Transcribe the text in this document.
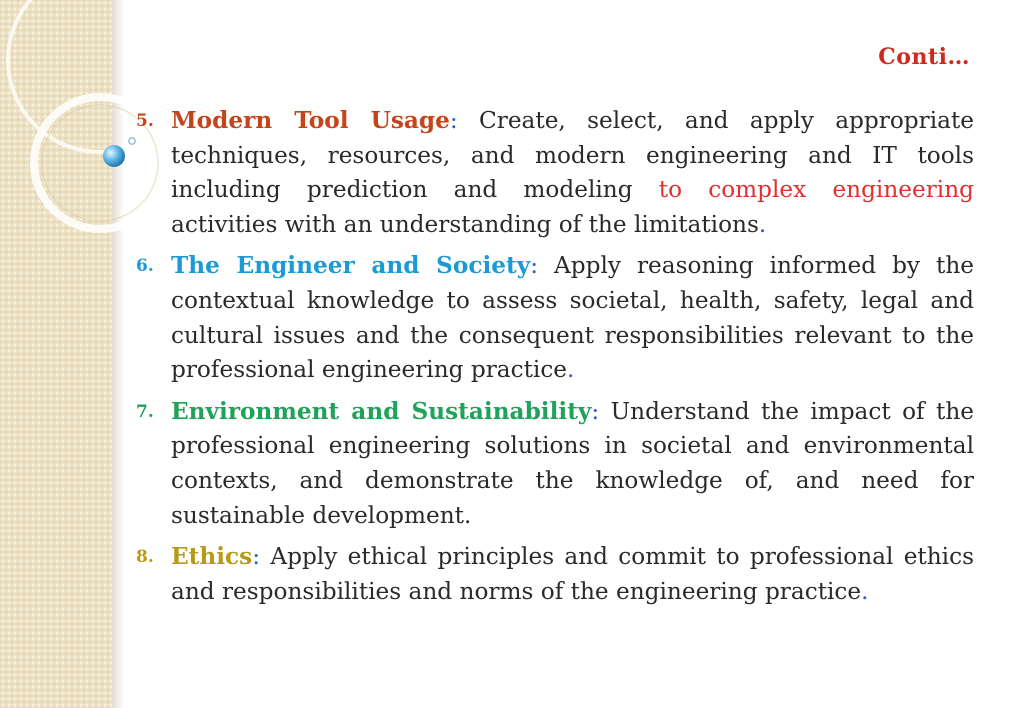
Conti…
5. Modern Tool Usage: Create, select, and apply appropriate techniques, resources, and modern engineering and IT tools including prediction and modeling to complex engineering activities with an understanding of the limitations.
6. The Engineer and Society: Apply reasoning informed by the contextual knowledge to assess societal, health, safety, legal and cultural issues and the consequent responsibilities relevant to the professional engineering practice.
7. Environment and Sustainability: Understand the impact of the professional engineering solutions in societal and environmental contexts, and demonstrate the knowledge of, and need for sustainable development.
8. Ethics: Apply ethical principles and commit to professional ethics and responsibilities and norms of the engineering practice.
